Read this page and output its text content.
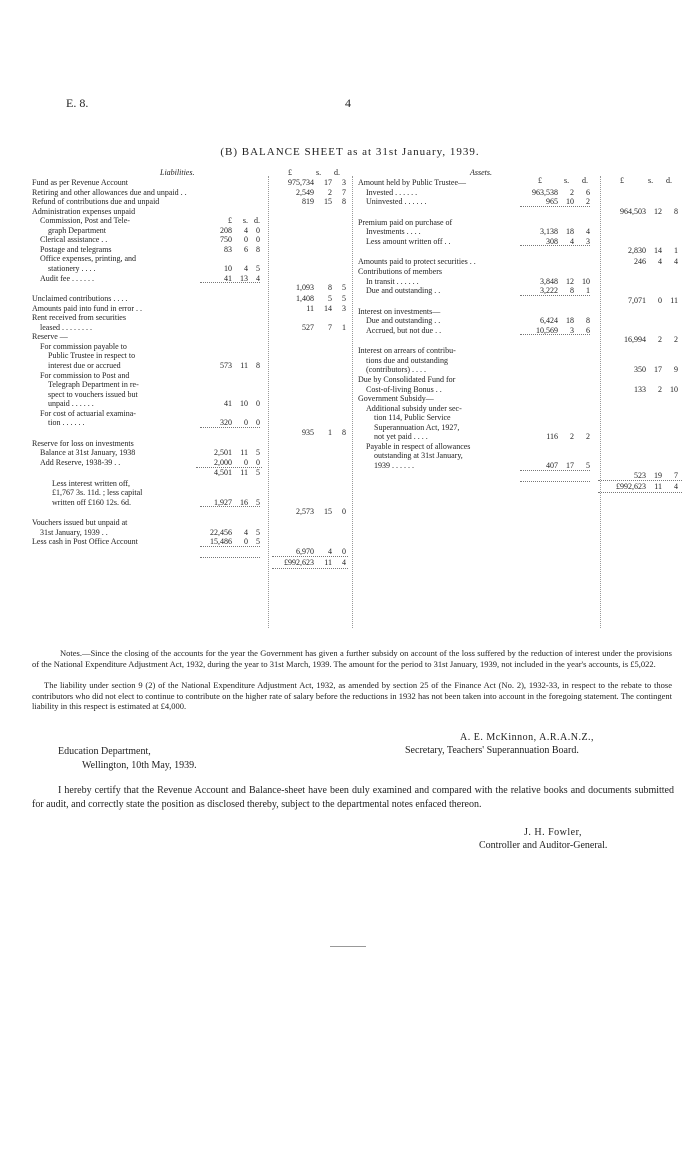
E. 8.	4
(B) BALANCE SHEET as at 31st January, 1939.
Liabilities.	Assets.
£	s. d.
£	s. d.	£	s. d.
Fund as per Revenue Account	975,734	17	3
Retiring and other allowances due and unpaid . .	2,549	2	7
Refund of contributions due and unpaid	819	15	8
Administration expenses unpaid
Commission, Post and Tele-	£	s. d.
graph Department	208	4	0
Clerical assistance . .	750	0	0
Postage and telegrams	83	6	8
Office expenses, printing, and
stationery . . . .	10	4	5
Audit fee . . . . . .	41	13	4
1,093	8	5
Unclaimed contributions . . . .	1,408	5	5
Amounts paid into fund in error . .	11	14	3
Rent received from securities
leased . . . . . . . .	527	7	1
Reserve —
For commission payable to
Public Trustee in respect to
interest due or accrued	573	11	8
For commission to Post and
Telegraph Department in re-
spect to vouchers issued but
unpaid . . . . . .	41	10	0
For cost of actuarial examina-
tion . . . . . .	320	0	0
935	1	8
Reserve for loss on investments
Balance at 31st January, 1938	2,501	11	5
Add Reserve, 1938-39 . .	2,000	0	0
4,501	11	5
Less interest written off,
£1,767 3s. 11d. ; less capital
written off £160 12s. 6d.	1,927	16	5
2,573	15	0
Vouchers issued but unpaid at
31st January, 1939 . .	22,456	4	5
Less cash in Post Office Account	15,486	0	5
6,970	4	0
£992,623	11	4
Amount held by Public Trustee—
Invested . . . . . .	963,538	2	6
Uninvested . . . . . .	965	10	2
964,503	12	8
Premium paid on purchase of
Investments . . . .	3,138	18	4
Less amount written off . .	308	4	3
2,830	14	1
Amounts paid to protect securities . .	246	4	4
Contributions of members
In transit . . . . . .	3,848	12	10
Due and outstanding . .	3,222	8	1
7,071	0	11
Interest on investments—
Due and outstanding . .	6,424	18	8
Accrued, but not due . .	10,569	3	6
16,994	2	2
Interest on arrears of contribu-
tions due and outstanding
(contributors) . . . .	350	17	9
Due by Consolidated Fund for
Cost-of-living Bonus . .	133	2	10
Government Subsidy—
Additional subsidy under sec-
tion 114, Public Service
Superannuation Act, 1927,
not yet paid . . . .	116	2	2
Payable in respect of allowances
outstanding at 31st January,
1939 . . . . . .	407	17	5
523	19	7
£992,623	11	4
Notes.—Since the closing of the accounts for the year the Government has given a further subsidy on account of the loss suffered by the reduction of interest under the provisions of the National Expenditure Adjustment Act, 1932, during the year to 31st March, 1939. The amount for the period to 31st January, 1939, not included in the year's accounts, is £5,022.
The liability under section 9 (2) of the National Expenditure Adjustment Act, 1932, as amended by section 25 of the Finance Act (No. 2), 1932-33, in respect to the rebate to those contributors who did not elect to continue to contribute on the higher rate of salary before the reductions in 1932 has not been taken into account in the foregoing statement. The contingent liability in this respect is estimated at £4,000.
A. E. McKinnon, A.R.A.N.Z.,
Secretary, Teachers' Superannuation Board.
Education Department,
Wellington, 10th May, 1939.
I hereby certify that the Revenue Account and Balance-sheet have been duly examined and compared with the relative books and documents submitted for audit, and correctly state the position as disclosed thereby, subject to the departmental notes enfaced thereon.
J. H. Fowler,
Controller and Auditor-General.
